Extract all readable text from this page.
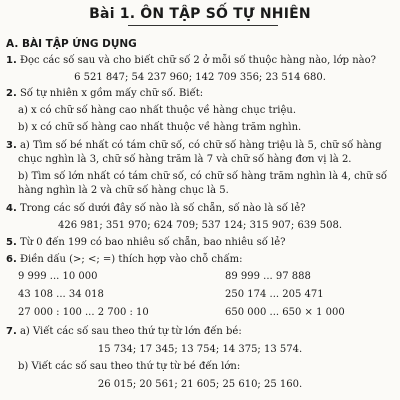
Bài 1. ÔN TẬP SỐ TỰ NHIÊN
A. BÀI TẬP ỨNG DỤNG
1. Đọc các số sau và cho biết chữ số 2 ở mỗi số thuộc hàng nào, lớp nào?
6 521 847; 54 237 960; 142 709 356; 23 514 680.
2. Số tự nhiên x gồm mấy chữ số. Biết:
a) x có chữ số hàng cao nhất thuộc về hàng chục triệu.
b) x có chữ số hàng cao nhất thuộc về hàng trăm nghìn.
3. a) Tìm số bé nhất có tám chữ số, có chữ số hàng triệu là 5, chữ số hàng
chục nghìn là 3, chữ số hàng trăm là 7 và chữ số hàng đơn vị là 2.
b) Tìm số lớn nhất có tám chữ số, có chữ số hàng trăm nghìn là 4, chữ số
hàng nghìn là 2 và chữ số hàng chục là 5.
4. Trong các số dưới đây số nào là số chẵn, số nào là số lẻ?
426 981; 351 970; 624 709; 537 124; 315 907; 639 508.
5. Từ 0 đến 199 có bao nhiêu số chẵn, bao nhiêu số lẻ?
6. Điền dấu (>; <; =) thích hợp vào chỗ chấm:
9 999 ... 10 000	89 999 ... 97 888
43 108 ... 34 018	250 174 ... 205 471
27 000 : 100 ... 2 700 : 10	650 000 ... 650 × 1 000
7. a) Viết các số sau theo thứ tự từ lớn đến bé:
15 734; 17 345; 13 754; 14 375; 13 574.
b) Viết các số sau theo thứ tự từ bé đến lớn:
26 015; 20 561; 21 605; 25 610; 25 160.
